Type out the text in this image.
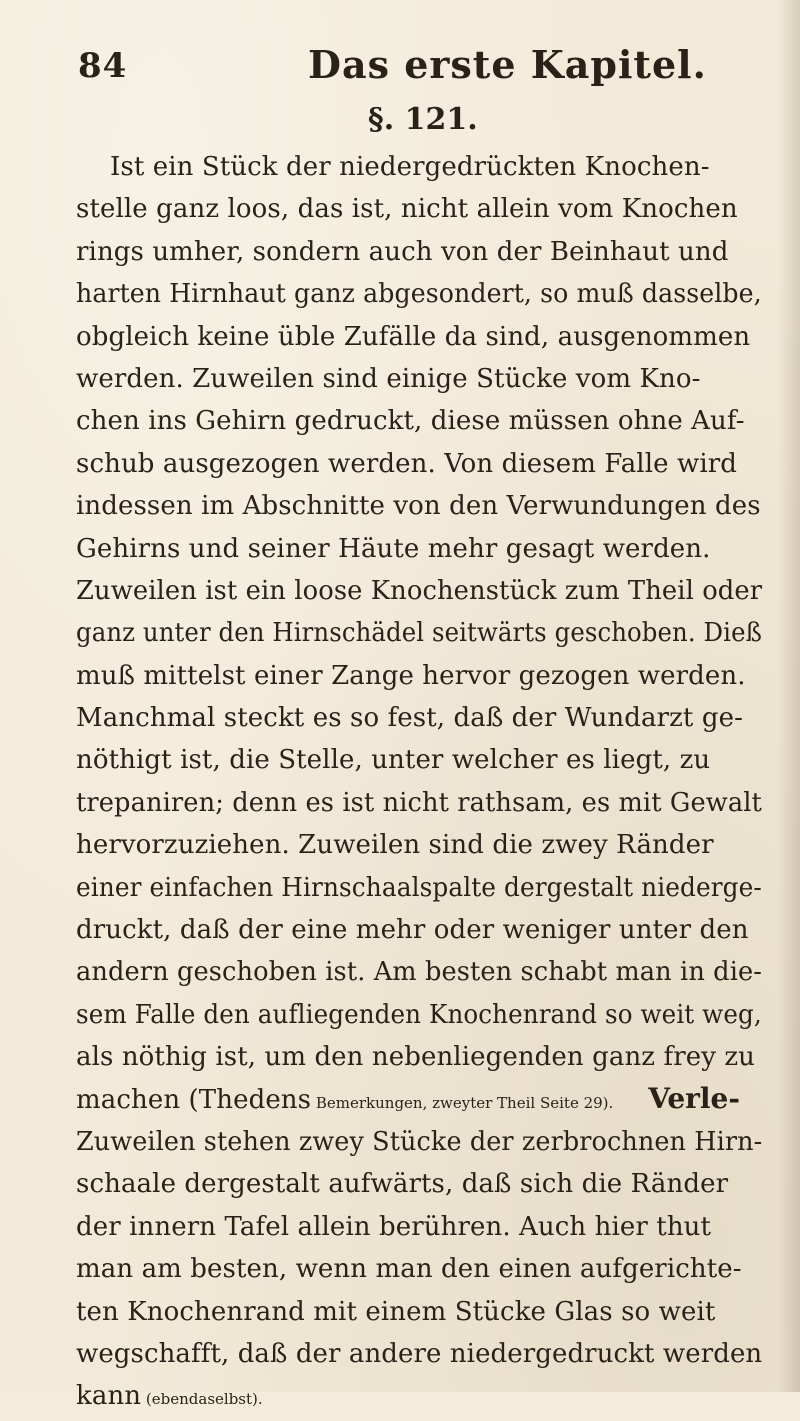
84	Das erste Kapitel.
§. 121.
Ist ein Stück der niedergedrückten Knochen-
stelle ganz loos, das ist, nicht allein vom Knochen
rings umher, sondern auch von der Beinhaut und
harten Hirnhaut ganz abgesondert, so muß dasselbe,
obgleich keine üble Zufälle da sind, ausgenommen
werden. Zuweilen sind einige Stücke vom Kno-
chen ins Gehirn gedruckt, diese müssen ohne Auf-
schub ausgezogen werden. Von diesem Falle wird
indessen im Abschnitte von den Verwundungen des
Gehirns und seiner Häute mehr gesagt werden.
Zuweilen ist ein loose Knochenstück zum Theil oder
ganz unter den Hirnschädel seitwärts geschoben. Dieß
muß mittelst einer Zange hervor gezogen werden.
Manchmal steckt es so fest, daß der Wundarzt ge-
nöthigt ist, die Stelle, unter welcher es liegt, zu
trepaniren; denn es ist nicht rathsam, es mit Gewalt
hervorzuziehen. Zuweilen sind die zwey Ränder
einer einfachen Hirnschaalspalte dergestalt niederge-
druckt, daß der eine mehr oder weniger unter den
andern geschoben ist. Am besten schabt man in die-
sem Falle den aufliegenden Knochenrand so weit weg,
als nöthig ist, um den nebenliegenden ganz frey zu
machen (Thedens Bemerkungen, zweyter Theil Seite 29).
Zuweilen stehen zwey Stücke der zerbrochnen Hirn-
schaale dergestalt aufwärts, daß sich die Ränder
der innern Tafel allein berühren. Auch hier thut
man am besten, wenn man den einen aufgerichte-
ten Knochenrand mit einem Stücke Glas so weit
wegschafft, daß der andere niedergedruckt werden
kann (ebendaselbst).
Verle-
